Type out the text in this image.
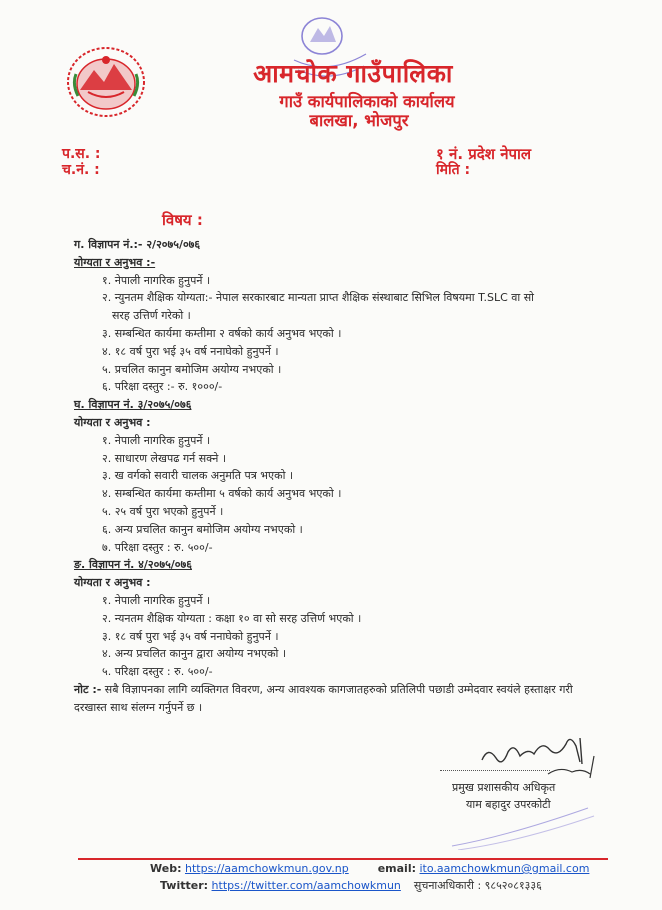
आमचोक गाउँपालिका
गाउँ कार्यपालिकाको कार्यालय
बालखा, भोजपुर
प.स. :
च.नं. :
१ नं. प्रदेश नेपाल
मिति :
विषय :
ग. विज्ञापन नं.:- २/२०७५/०७६
योग्यता र अनुभव :-
१. नेपाली नागरिक हुनुपर्ने ।
२. न्युनतम शैक्षिक योग्यता:- नेपाल सरकारबाट मान्यता प्राप्त शैक्षिक संस्थाबाट सिभिल विषयमा T.SLC वा सो
सरह उत्तिर्ण गरेको ।
३. सम्बन्धित कार्यमा कम्तीमा २ वर्षको कार्य अनुभव भएको ।
४. १८ वर्ष पुरा भई ३५ वर्ष ननाघेको हुनुपर्ने ।
५. प्रचलित कानुन बमोजिम अयोग्य नभएको ।
६. परिक्षा दस्तुर :- रु. १०००/-
घ. विज्ञापन नं. ३/२०७५/०७६
योग्यता र अनुभव :
१. नेपाली नागरिक हुनुपर्ने ।
२. साधारण लेखपढ गर्न सक्ने ।
३. ख वर्गको सवारी चालक अनुमति पत्र भएको ।
४. सम्बन्धित कार्यमा कम्तीमा ५ वर्षको कार्य अनुभव भएको ।
५. २५ वर्ष पुरा भएको हुनुपर्ने ।
६. अन्य प्रचलित कानुन बमोजिम अयोग्य नभएको ।
७. परिक्षा दस्तुर : रु. ५००/-
ङ. विज्ञापन नं. ४/२०७५/०७६
योग्यता र अनुभव :
१. नेपाली नागरिक हुनुपर्ने ।
२. न्यनतम शैक्षिक योग्यता : कक्षा १० वा सो सरह उत्तिर्ण भएको ।
३. १८ वर्ष पुरा भई ३५ वर्ष ननाघेको हुनुपर्ने ।
४. अन्य प्रचलित कानुन द्वारा अयोग्य नभएको ।
५. परिक्षा दस्तुर : रु. ५००/-
नोट :- सबै विज्ञापनका लागि व्यक्तिगत विवरण, अन्य आवश्यक कागजातहरुको प्रतिलिपी पछाडी उम्मेदवार स्वयंले हस्ताक्षर गरी दरखास्त साथ संलग्न गर्नुपर्ने छ ।
प्रमुख प्रशासकीय अधिकृत
याम बहादुर उपरकोटी
Web: https://aamchowkmun.gov.np	email: ito.aamchowkmun@gmail.com
Twitter: https://twitter.com/aamchowkmun सुचनाअधिकारी : ९८५२०८१३३६
